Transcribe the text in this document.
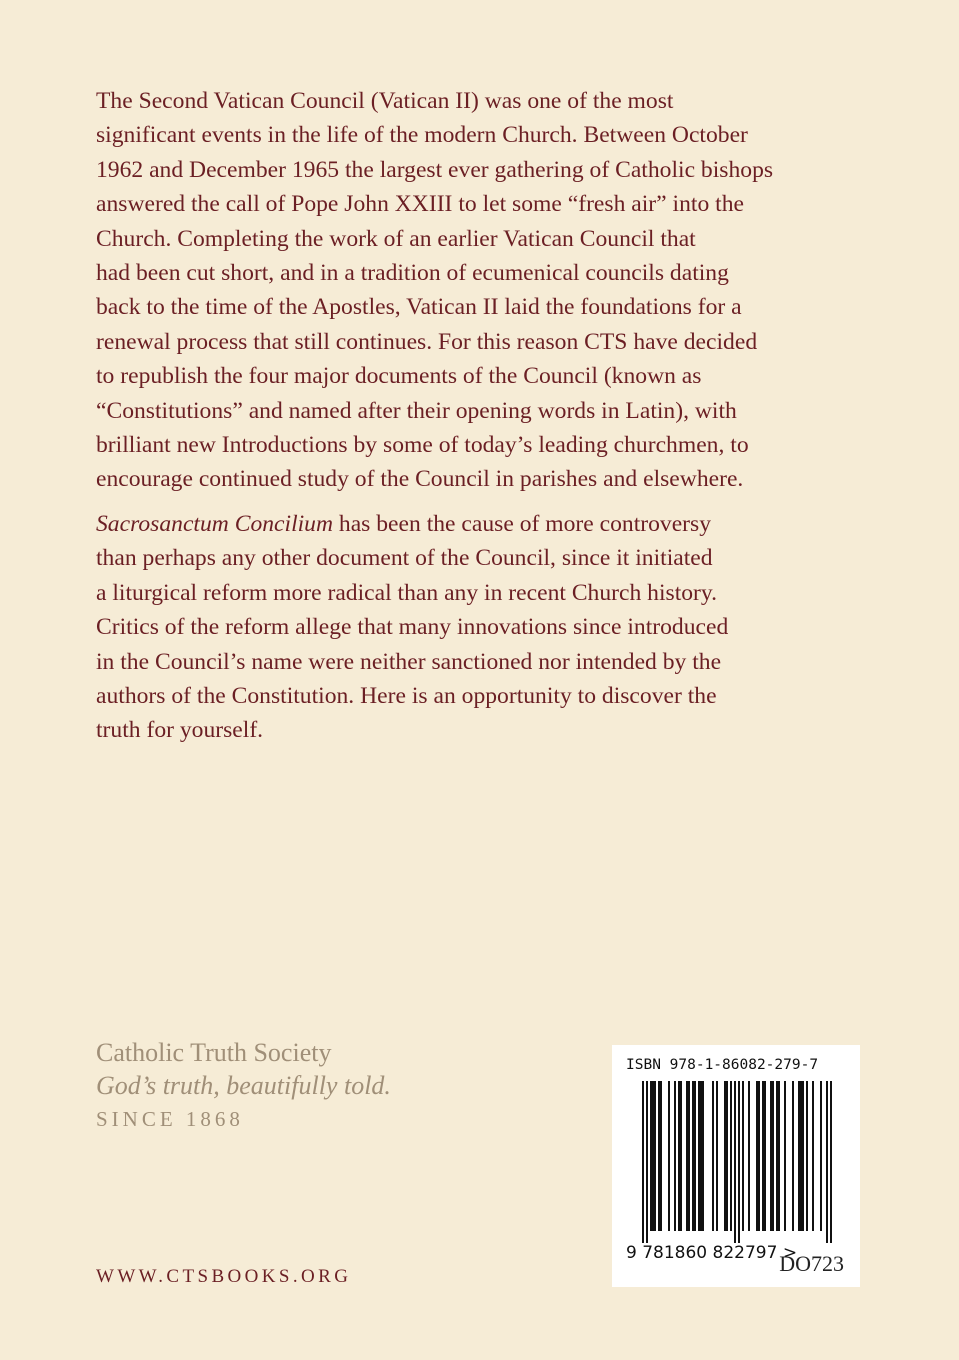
The Second Vatican Council (Vatican II) was one of the most
significant events in the life of the modern Church. Between October
1962 and December 1965 the largest ever gathering of Catholic bishops
answered the call of Pope John XXIII to let some “fresh air” into the
Church. Completing the work of an earlier Vatican Council that
had been cut short, and in a tradition of ecumenical councils dating
back to the time of the Apostles, Vatican II laid the foundations for a
renewal process that still continues. For this reason CTS have decided
to republish the four major documents of the Council (known as
“Constitutions” and named after their opening words in Latin), with
brilliant new Introductions by some of today’s leading churchmen, to
encourage continued study of the Council in parishes and elsewhere.

Sacrosanctum Concilium has been the cause of more controversy
than perhaps any other document of the Council, since it initiated
a liturgical reform more radical than any in recent Church history.
Critics of the reform allege that many innovations since introduced
in the Council’s name were neither sanctioned nor intended by the
authors of the Constitution. Here is an opportunity to discover the
truth for yourself.

Catholic Truth Society
God’s truth, beautifully told.
SINCE 1868
WWW.CTSBOOKS.ORG
ISBN 978-1-86082-279-7
9 781860 822797 >
DO723
